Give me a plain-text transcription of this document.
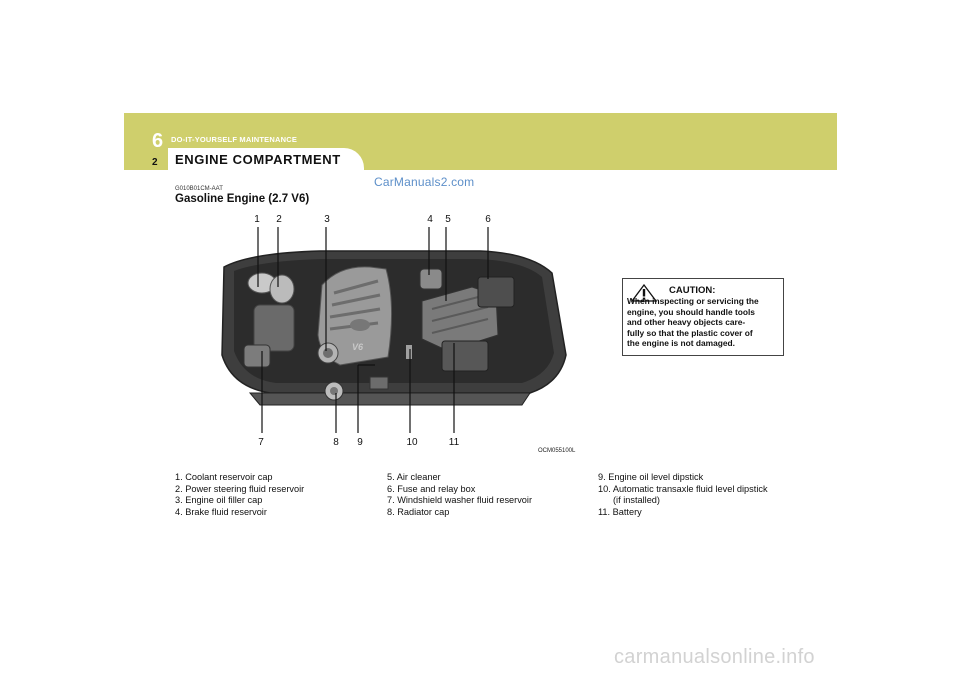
6 DO-IT-YOURSELF MAINTENANCE
2 ENGINE COMPARTMENT
CarManuals2.com
G010B01CM-AAT
Gasoline Engine (2.7 V6)
V6
1 2	3	4 5	6
7	8 9	10	11
OCM055100L
CAUTION:
When inspecting or servicing the
engine, you should handle tools
and other heavy objects care-
fully so that the plastic cover of
the engine is not damaged.
1. Coolant reservoir cap
2. Power steering fluid reservoir
3. Engine oil filler cap
4. Brake fluid reservoir
5. Air cleaner
6. Fuse and relay box
7. Windshield washer fluid reservoir
8. Radiator cap
9. Engine oil level dipstick
10. Automatic transaxle fluid level dipstick
(if installed)
11. Battery
carmanualsonline.info
